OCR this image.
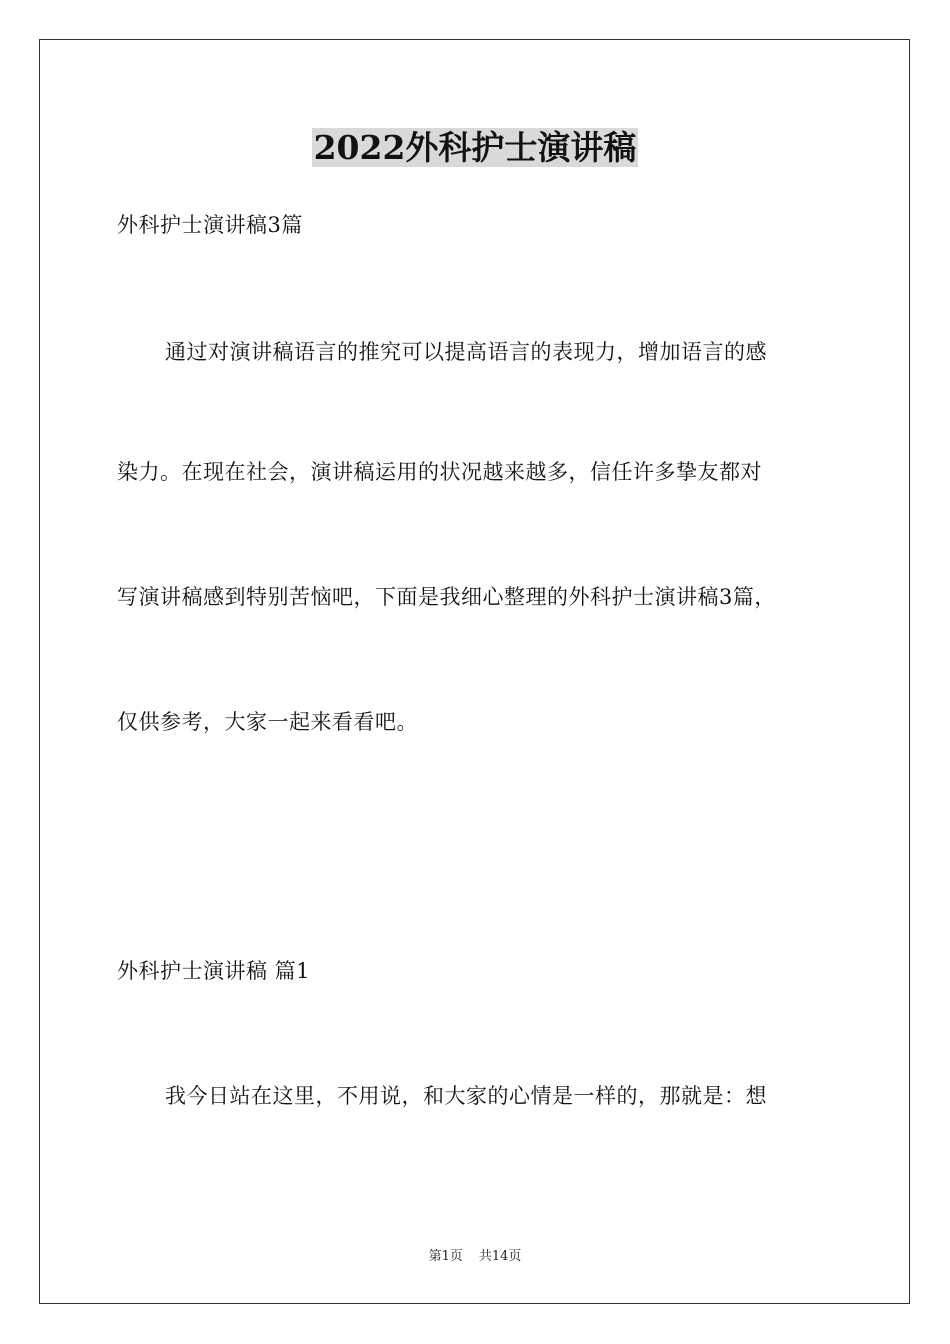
2022外科护士演讲稿
外科护士演讲稿3篇
通过对演讲稿语言的推究可以提高语言的表现力，增加语言的感
染力。在现在社会，演讲稿运用的状况越来越多，信任许多挚友都对
写演讲稿感到特别苦恼吧，下面是我细心整理的外科护士演讲稿3篇，
仅供参考，大家一起来看看吧。
外科护士演讲稿 篇1
我今日站在这里，不用说，和大家的心情是一样的，那就是：想
第1页 共14页
